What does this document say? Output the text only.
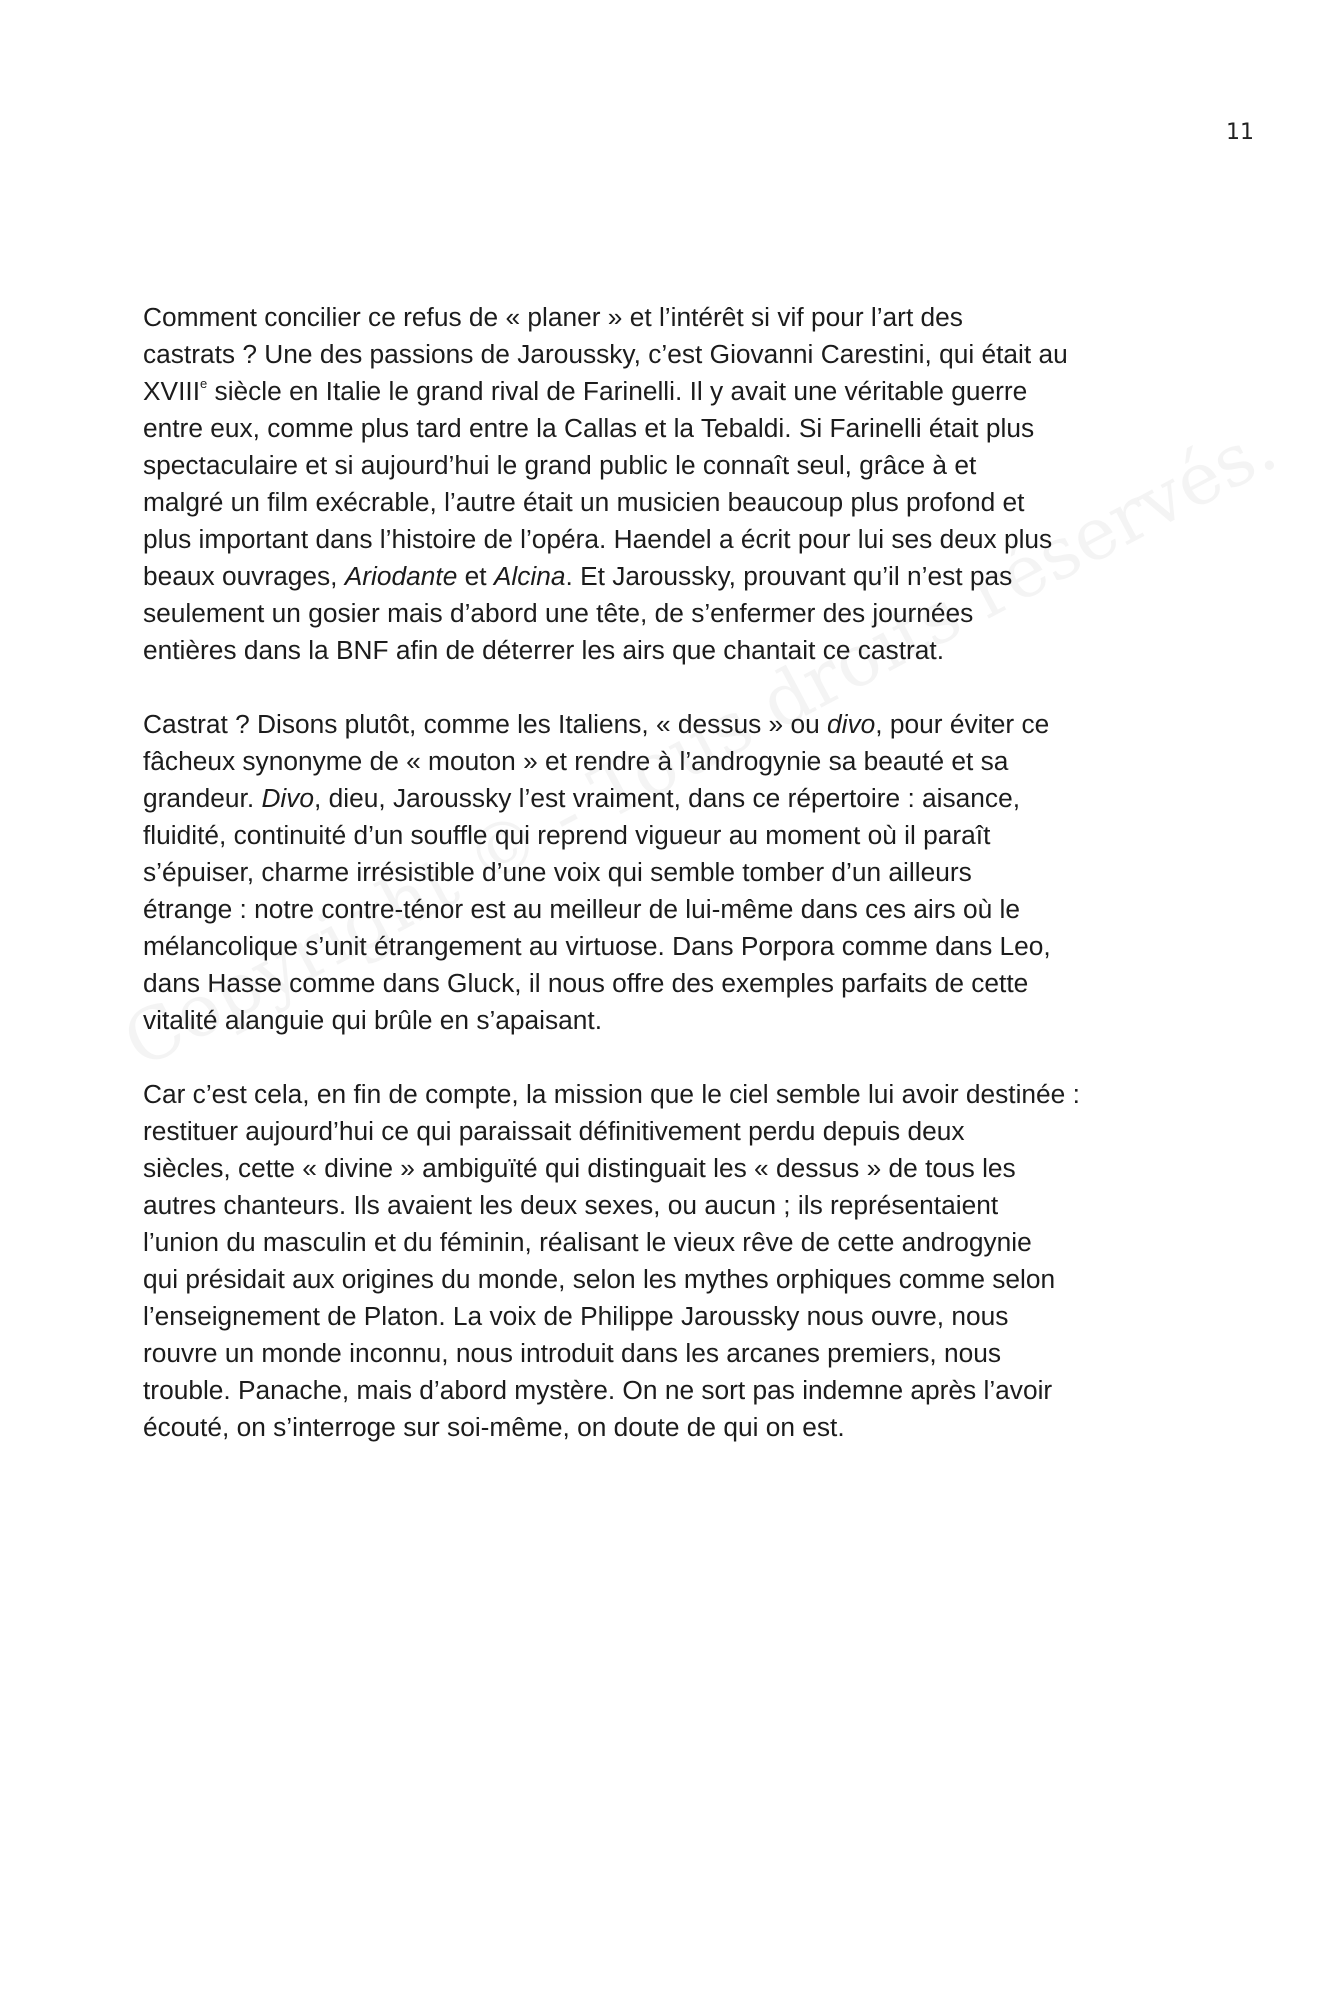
11

Comment concilier ce refus de « planer » et l’intérêt si vif pour l’art des
castrats ? Une des passions de Jaroussky, c’est Giovanni Carestini, qui était au
XVIIIe siècle en Italie le grand rival de Farinelli. Il y avait une véritable guerre
entre eux, comme plus tard entre la Callas et la Tebaldi. Si Farinelli était plus
spectaculaire et si aujourd’hui le grand public le connaît seul, grâce à et
malgré un film exécrable, l’autre était un musicien beaucoup plus profond et
plus important dans l’histoire de l’opéra. Haendel a écrit pour lui ses deux plus
beaux ouvrages, Ariodante et Alcina. Et Jaroussky, prouvant qu’il n’est pas
seulement un gosier mais d’abord une tête, de s’enfermer des journées
entières dans la BNF afin de déterrer les airs que chantait ce castrat.

Castrat ? Disons plutôt, comme les Italiens, « dessus » ou divo, pour éviter ce
fâcheux synonyme de « mouton » et rendre à l’androgynie sa beauté et sa
grandeur. Divo, dieu, Jaroussky l’est vraiment, dans ce répertoire : aisance,
fluidité, continuité d’un souffle qui reprend vigueur au moment où il paraît
s’épuiser, charme irrésistible d’une voix qui semble tomber d’un ailleurs
étrange : notre contre-ténor est au meilleur de lui-même dans ces airs où le
mélancolique s’unit étrangement au virtuose. Dans Porpora comme dans Leo,
dans Hasse comme dans Gluck, il nous offre des exemples parfaits de cette
vitalité alanguie qui brûle en s’apaisant.

Car c’est cela, en fin de compte, la mission que le ciel semble lui avoir destinée :
restituer aujourd’hui ce qui paraissait définitivement perdu depuis deux
siècles, cette « divine » ambiguïté qui distinguait les « dessus » de tous les
autres chanteurs. Ils avaient les deux sexes, ou aucun ; ils représentaient
l’union du masculin et du féminin, réalisant le vieux rêve de cette androgynie
qui présidait aux origines du monde, selon les mythes orphiques comme selon
l’enseignement de Platon. La voix de Philippe Jaroussky nous ouvre, nous
rouvre un monde inconnu, nous introduit dans les arcanes premiers, nous
trouble. Panache, mais d’abord mystère. On ne sort pas indemne après l’avoir
écouté, on s’interroge sur soi-même, on doute de qui on est.
